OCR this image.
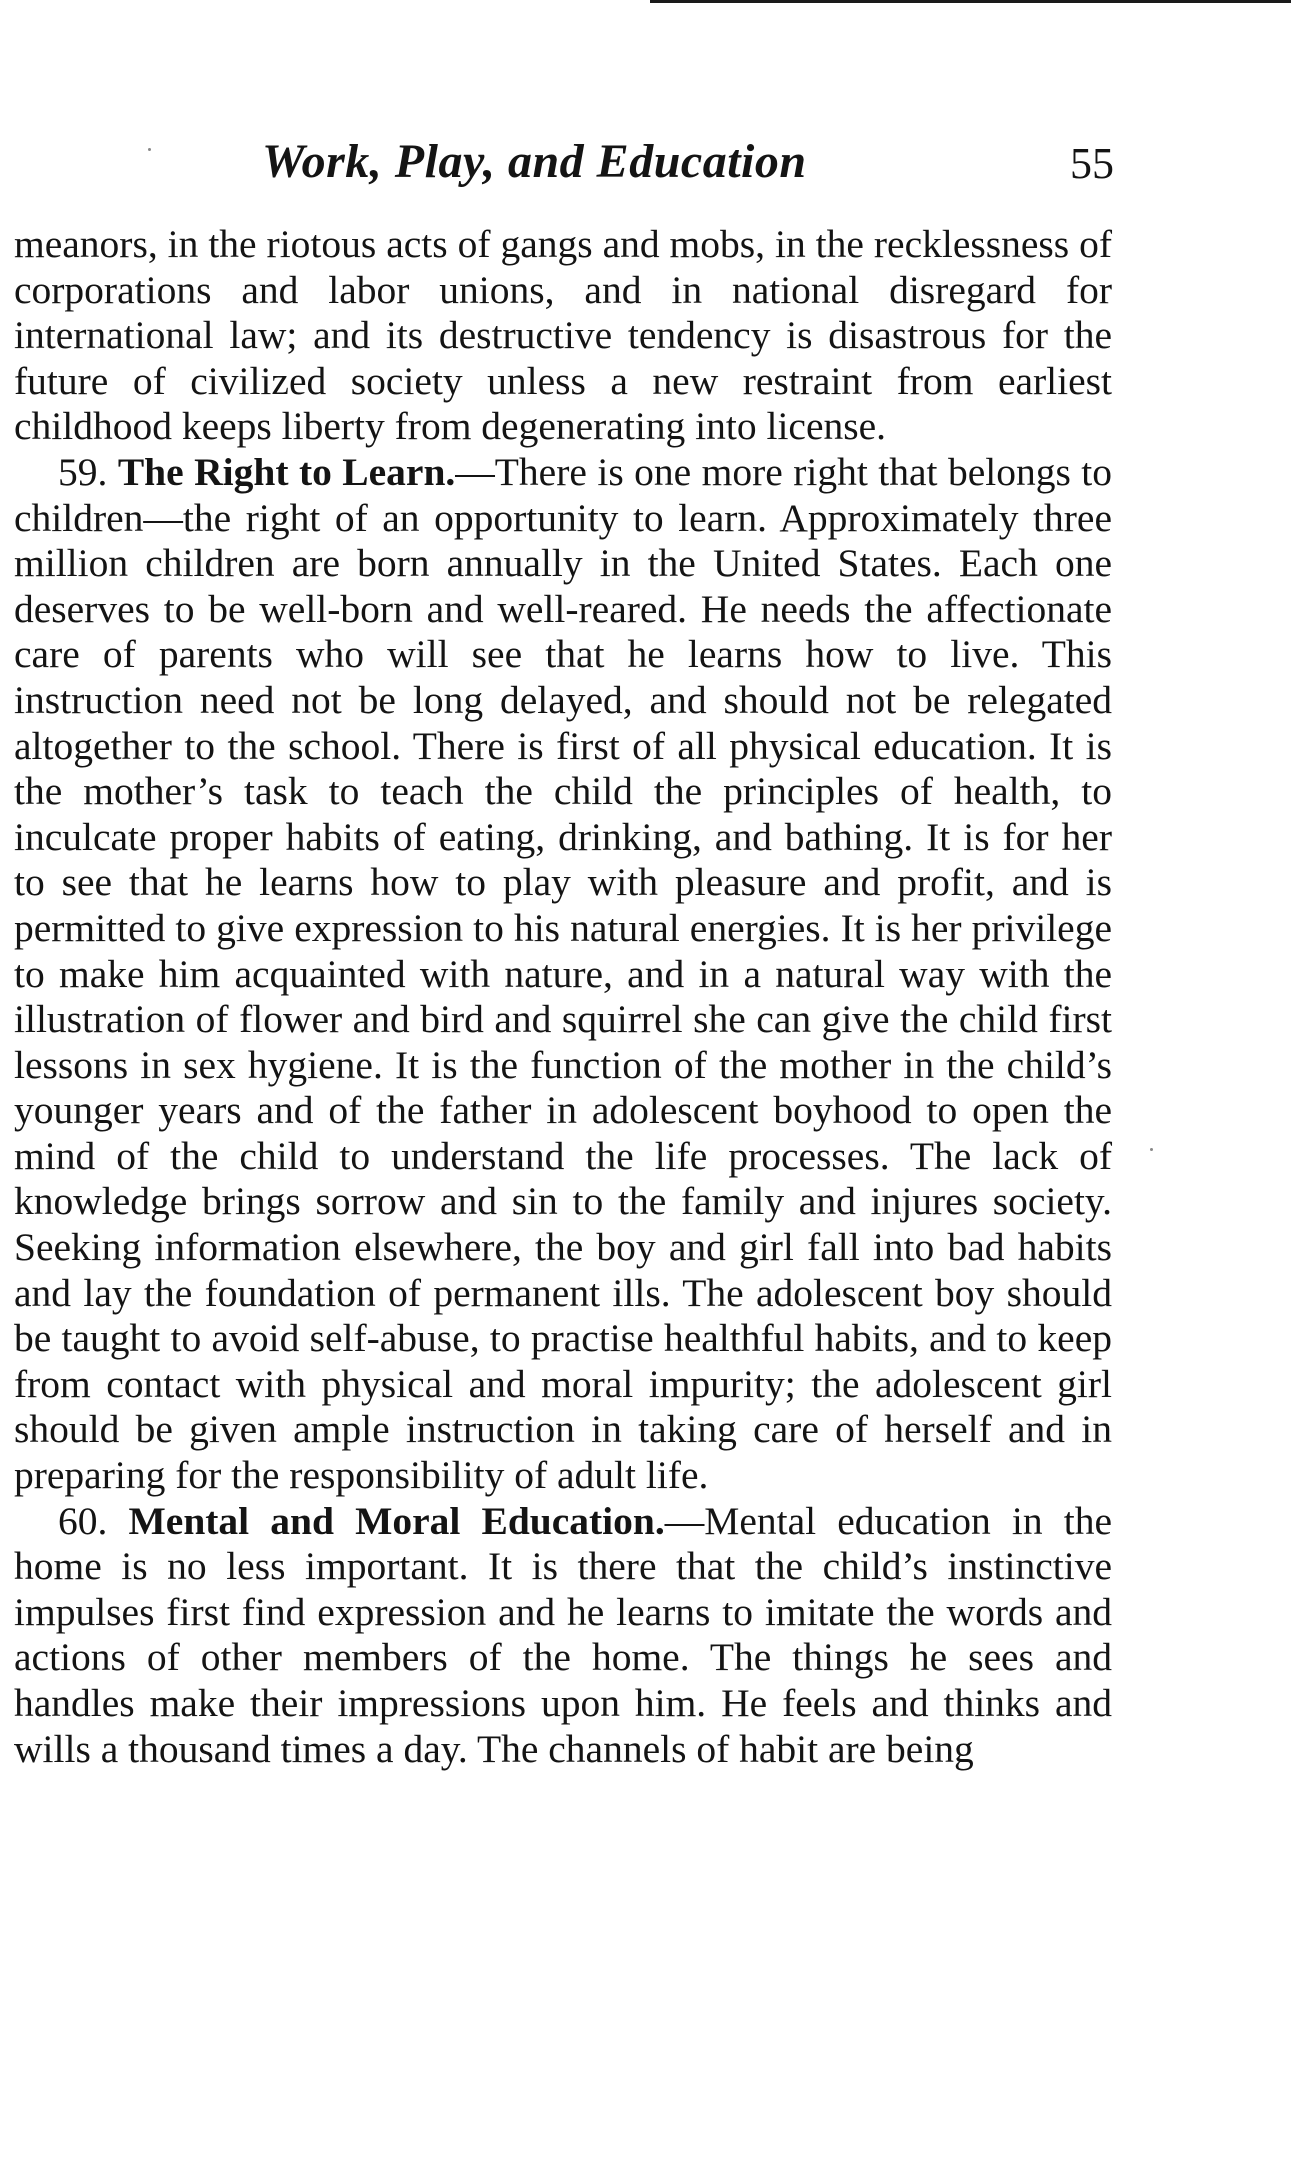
Work, Play, and Education	55

meanors, in the riotous acts of gangs and mobs, in the recklessness of corporations and labor unions, and in national disregard for international law; and its destructive tendency is disastrous for the future of civilized society unless a new restraint from earliest childhood keeps liberty from degenerating into license.

59. The Right to Learn.—There is one more right that belongs to children—the right of an opportunity to learn. Approximately three million children are born annually in the United States. Each one deserves to be well-born and well-reared. He needs the affectionate care of parents who will see that he learns how to live. This instruction need not be long delayed, and should not be relegated altogether to the school. There is first of all physical education. It is the mother’s task to teach the child the principles of health, to inculcate proper habits of eating, drinking, and bathing. It is for her to see that he learns how to play with pleasure and profit, and is permitted to give expression to his natural energies. It is her privilege to make him acquainted with nature, and in a natural way with the illustration of flower and bird and squirrel she can give the child first lessons in sex hygiene. It is the function of the mother in the child’s younger years and of the father in adolescent boyhood to open the mind of the child to understand the life processes. The lack of knowledge brings sorrow and sin to the family and injures society. Seeking information elsewhere, the boy and girl fall into bad habits and lay the foundation of permanent ills. The adolescent boy should be taught to avoid self-abuse, to practise healthful habits, and to keep from contact with physical and moral impurity; the adolescent girl should be given ample instruction in taking care of herself and in preparing for the responsibility of adult life.

60. Mental and Moral Education.—Mental education in the home is no less important. It is there that the child’s instinctive impulses first find expression and he learns to imitate the words and actions of other members of the home. The things he sees and handles make their impressions upon him. He feels and thinks and wills a thousand times a day. The channels of habit are being
